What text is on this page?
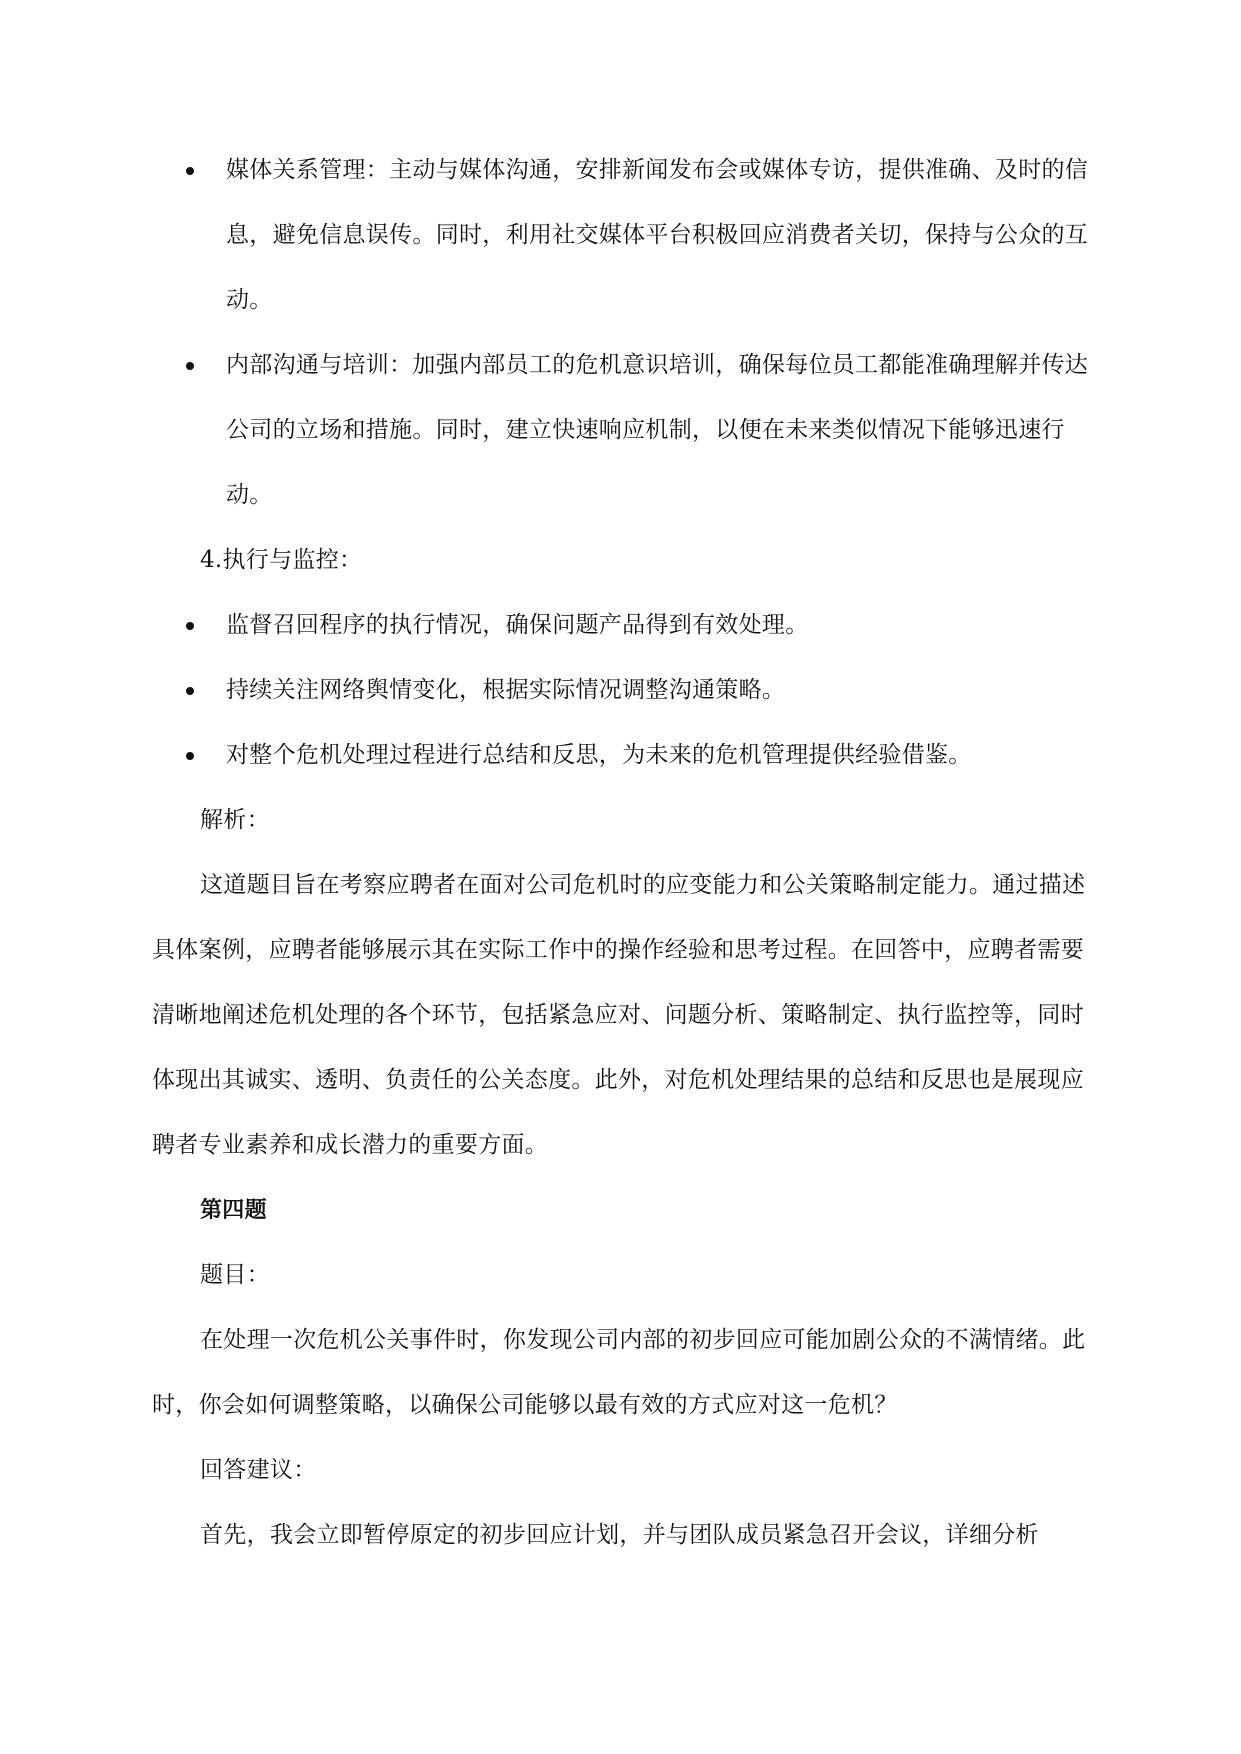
媒体关系管理：主动与媒体沟通，安排新闻发布会或媒体专访，提供准确、及时的信息，避免信息误传。同时，利用社交媒体平台积极回应消费者关切，保持与公众的互动。
内部沟通与培训：加强内部员工的危机意识培训，确保每位员工都能准确理解并传达公司的立场和措施。同时，建立快速响应机制，以便在未来类似情况下能够迅速行动。
4.执行与监控：
监督召回程序的执行情况，确保问题产品得到有效处理。
持续关注网络舆情变化，根据实际情况调整沟通策略。
对整个危机处理过程进行总结和反思，为未来的危机管理提供经验借鉴。
解析：
这道题目旨在考察应聘者在面对公司危机时的应变能力和公关策略制定能力。通过描述具体案例，应聘者能够展示其在实际工作中的操作经验和思考过程。在回答中，应聘者需要清晰地阐述危机处理的各个环节，包括紧急应对、问题分析、策略制定、执行监控等，同时体现出其诚实、透明、负责任的公关态度。此外，对危机处理结果的总结和反思也是展现应聘者专业素养和成长潜力的重要方面。
第四题
题目：
在处理一次危机公关事件时，你发现公司内部的初步回应可能加剧公众的不满情绪。此时，你会如何调整策略，以确保公司能够以最有效的方式应对这一危机？
回答建议：
首先，我会立即暂停原定的初步回应计划，并与团队成员紧急召开会议，详细分析
